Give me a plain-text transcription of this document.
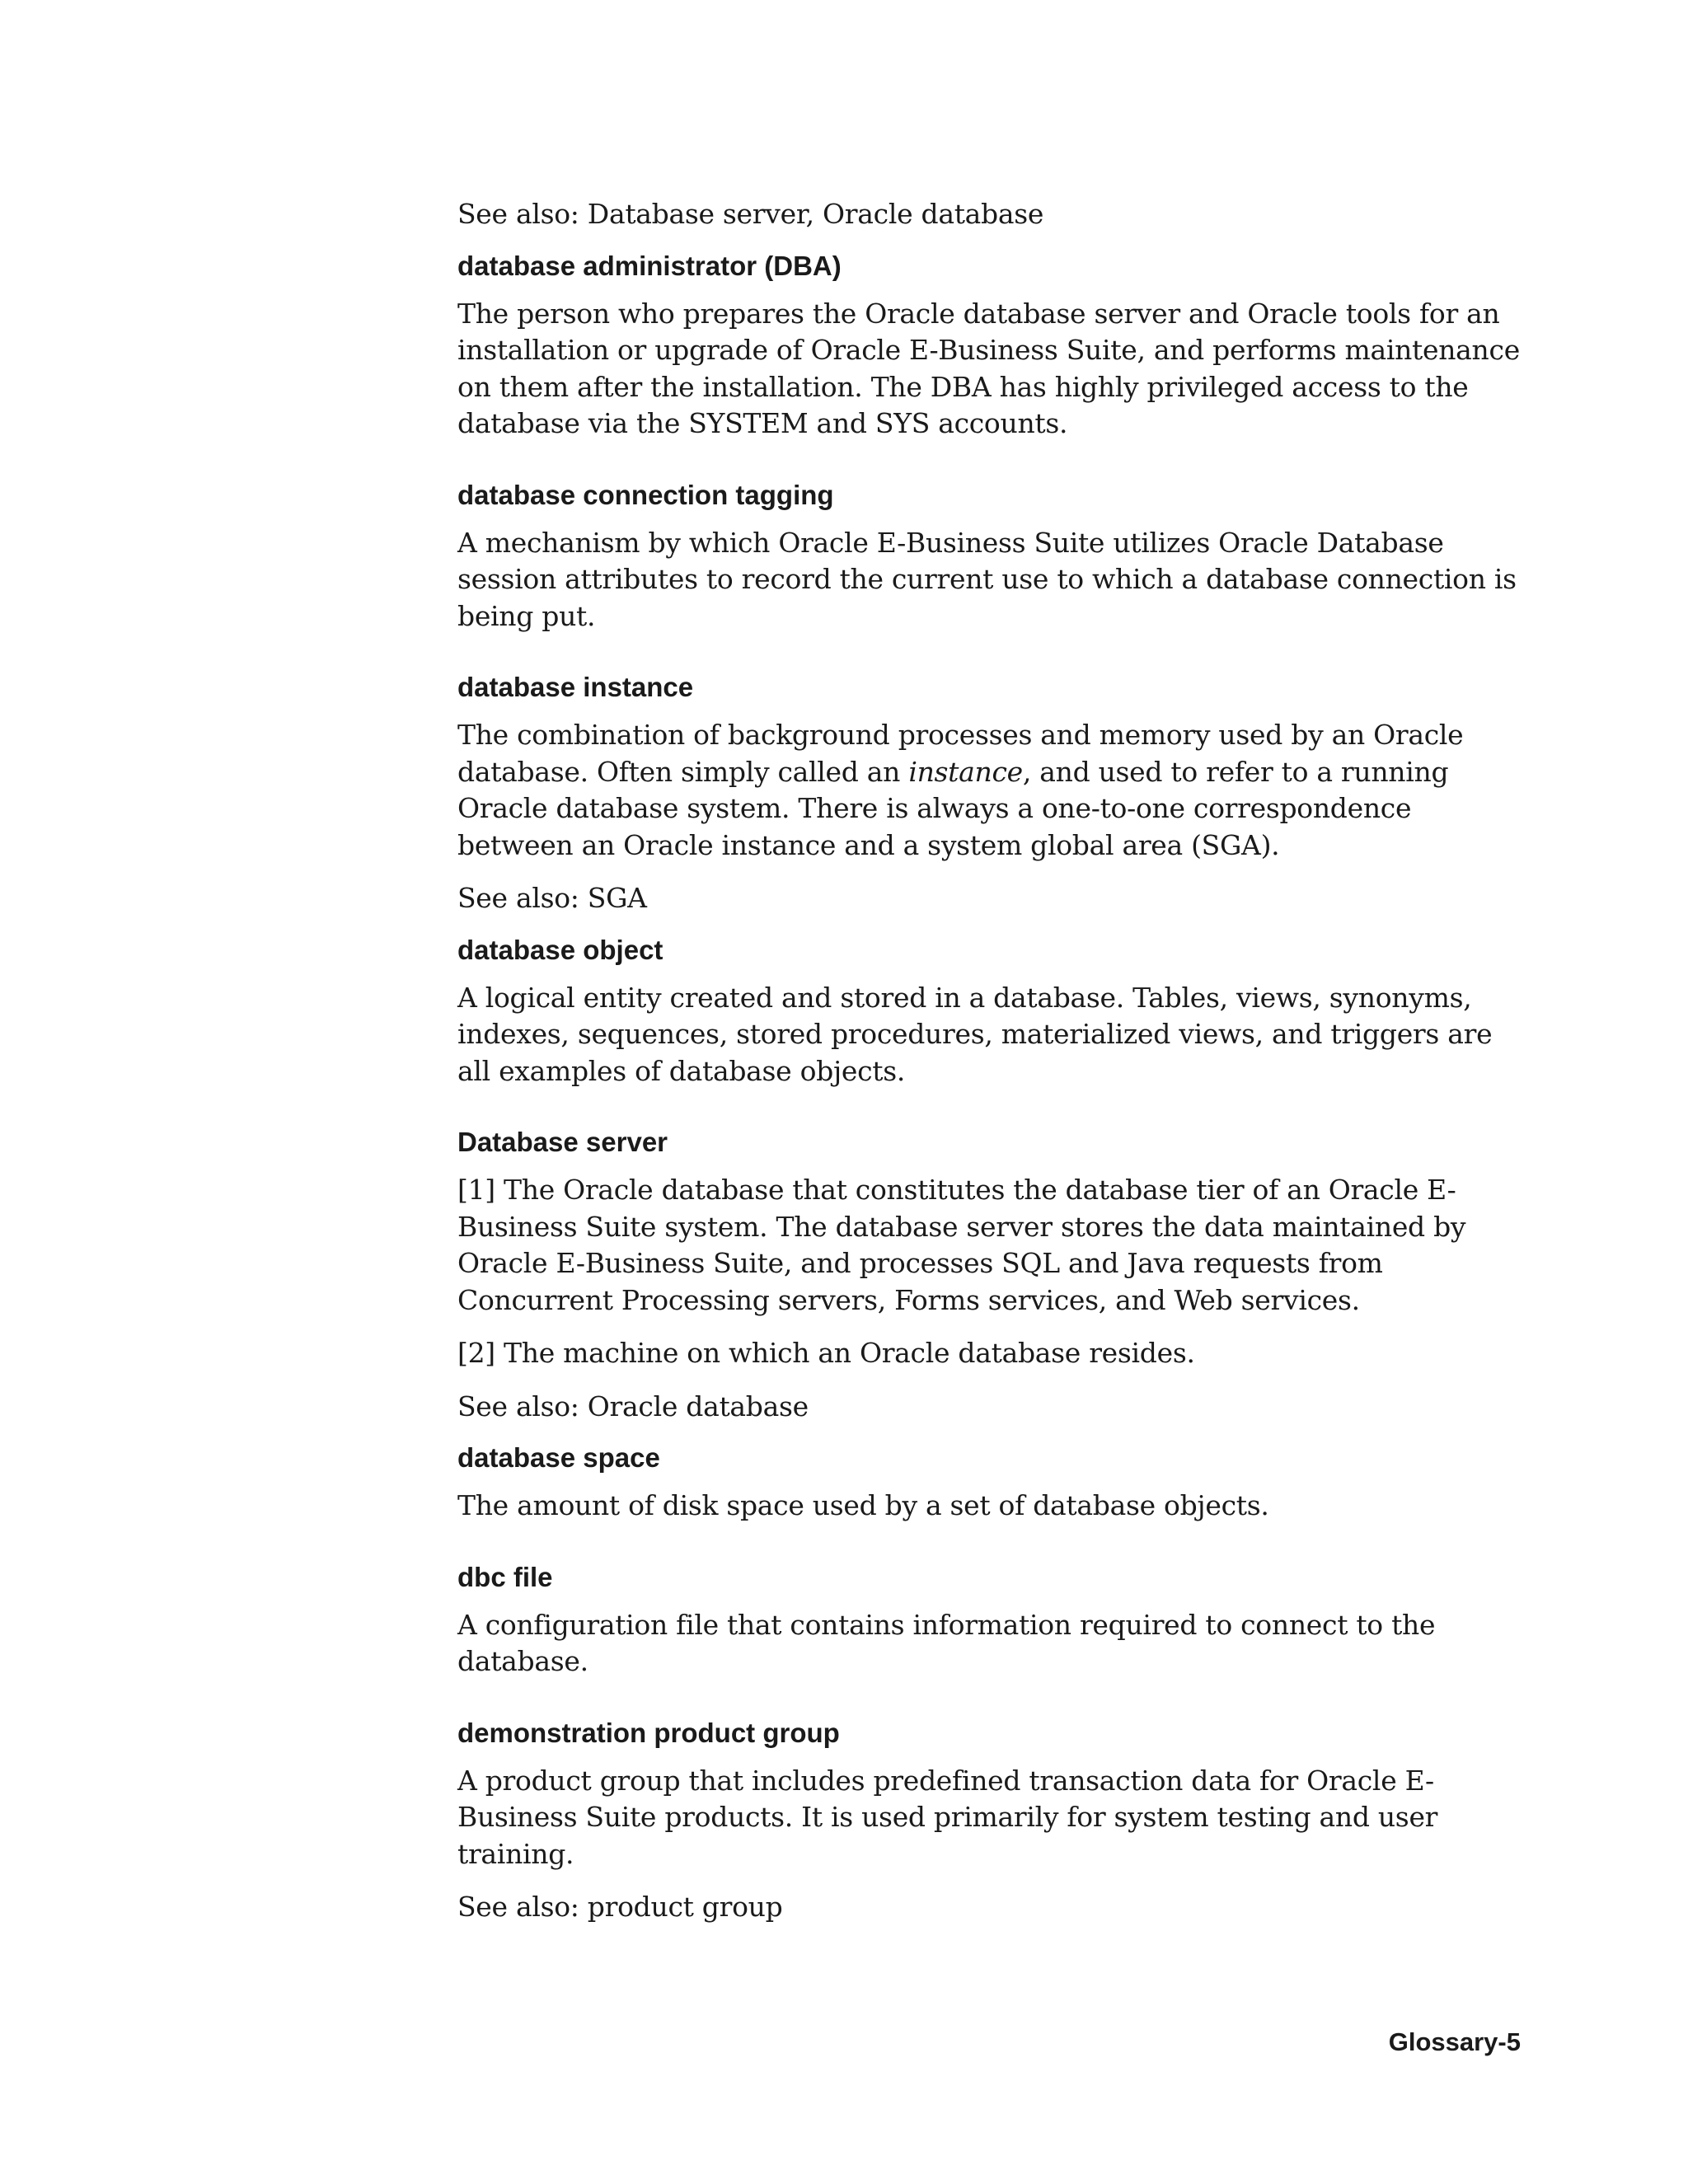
See also: Database server, Oracle database

database administrator (DBA)

The person who prepares the Oracle database server and Oracle tools for an installation or upgrade of Oracle E-Business Suite, and performs maintenance on them after the installation. The DBA has highly privileged access to the database via the SYSTEM and SYS accounts.

database connection tagging

A mechanism by which Oracle E-Business Suite utilizes Oracle Database session attributes to record the current use to which a database connection is being put.

database instance

The combination of background processes and memory used by an Oracle database. Often simply called an instance, and used to refer to a running Oracle database system. There is always a one-to-one correspondence between an Oracle instance and a system global area (SGA).

See also: SGA

database object

A logical entity created and stored in a database. Tables, views, synonyms, indexes, sequences, stored procedures, materialized views, and triggers are all examples of database objects.

Database server

[1] The Oracle database that constitutes the database tier of an Oracle E-Business Suite system. The database server stores the data maintained by Oracle E-Business Suite, and processes SQL and Java requests from Concurrent Processing servers, Forms services, and Web services.

[2] The machine on which an Oracle database resides.

See also: Oracle database

database space

The amount of disk space used by a set of database objects.

dbc file

A configuration file that contains information required to connect to the database.

demonstration product group

A product group that includes predefined transaction data for Oracle E-Business Suite products. It is used primarily for system testing and user training.

See also: product group

Glossary-5
